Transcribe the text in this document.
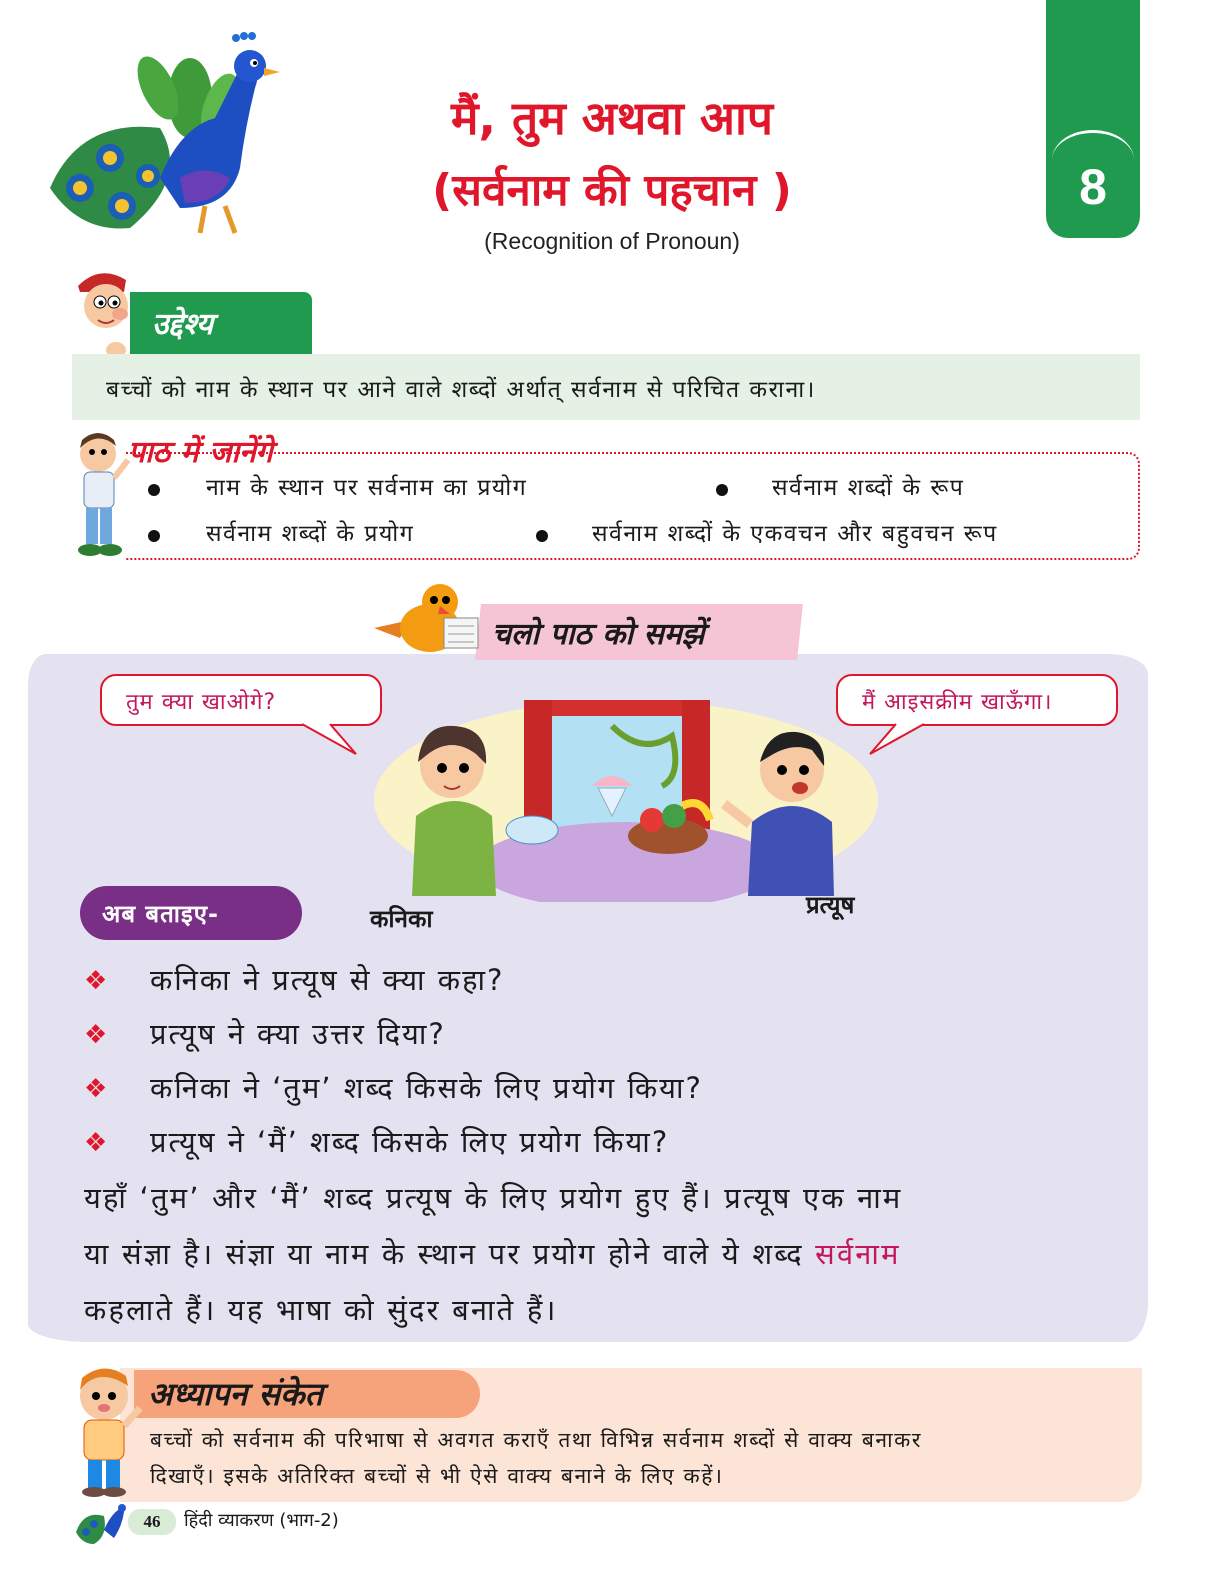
मैं, तुम अथवा आप
(सर्वनाम की पहचान )
(Recognition of Pronoun)
8
उद्देश्य
बच्चों को नाम के स्थान पर आने वाले शब्दों अर्थात् सर्वनाम से परिचित कराना।
पाठ में जानेंगे
नाम के स्थान पर सर्वनाम का प्रयोग	सर्वनाम शब्दों के रूप
सर्वनाम शब्दों के प्रयोग	सर्वनाम शब्दों के एकवचन और बहुवचन रूप
चलो पाठ को समझें
तुम क्या खाओगे?	मैं आइसक्रीम खाऊँगा।
अब बताइए-	कनिका	प्रत्यूष
❖ कनिका ने प्रत्यूष से क्या कहा?
❖ प्रत्यूष ने क्या उत्तर दिया?
❖ कनिका ने ‘तुम’ शब्द किसके लिए प्रयोग किया?
❖ प्रत्यूष ने ‘मैं’ शब्द किसके लिए प्रयोग किया?
यहाँ ‘तुम’ और ‘मैं’ शब्द प्रत्यूष के लिए प्रयोग हुए हैं। प्रत्यूष एक नाम
या संज्ञा है। संज्ञा या नाम के स्थान पर प्रयोग होने वाले ये शब्द सर्वनाम
कहलाते हैं। यह भाषा को सुंदर बनाते हैं।
अध्यापन संकेत
बच्चों को सर्वनाम की परिभाषा से अवगत कराएँ तथा विभिन्न सर्वनाम शब्दों से वाक्य बनाकर
दिखाएँ। इसके अतिरिक्त बच्चों से भी ऐसे वाक्य बनाने के लिए कहें।
46	हिंदी व्याकरण (भाग-2)
